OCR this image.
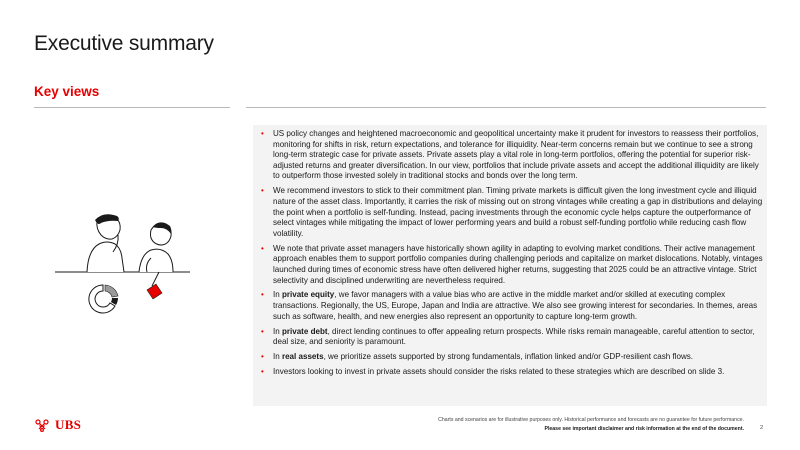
Executive summary
Key views
• US policy changes and heightened macroeconomic and geopolitical uncertainty make it prudent for investors to reassess their portfolios, monitoring for shifts in risk, return expectations, and tolerance for illiquidity. Near-term concerns remain but we continue to see a strong long-term strategic case for private assets. Private assets play a vital role in long-term portfolios, offering the potential for superior risk-adjusted returns and greater diversification. In our view, portfolios that include private assets and accept the additional illiquidity are likely to outperform those invested solely in traditional stocks and bonds over the long term.
• We recommend investors to stick to their commitment plan. Timing private markets is difficult given the long investment cycle and illiquid nature of the asset class. Importantly, it carries the risk of missing out on strong vintages while creating a gap in distributions and delaying the point when a portfolio is self-funding. Instead, pacing investments through the economic cycle helps capture the outperformance of select vintages while mitigating the impact of lower performing years and build a robust self-funding portfolio while reducing cash flow volatility.
• We note that private asset managers have historically shown agility in adapting to evolving market conditions. Their active management approach enables them to support portfolio companies during challenging periods and capitalize on market dislocations. Notably, vintages launched during times of economic stress have often delivered higher returns, suggesting that 2025 could be an attractive vintage. Strict selectivity and disciplined underwriting are nevertheless required.
• In private equity, we favor managers with a value bias who are active in the middle market and/or skilled at executing complex transactions. Regionally, the US, Europe, Japan and India are attractive. We also see growing interest for secondaries. In themes, areas such as software, health, and new energies also represent an opportunity to capture long-term growth.
• In private debt, direct lending continues to offer appealing return prospects. While risks remain manageable, careful attention to sector, deal size, and seniority is paramount.
• In real assets, we prioritize assets supported by strong fundamentals, inflation linked and/or GDP-resilient cash flows.
• Investors looking to invest in private assets should consider the risks related to these strategies which are described on slide 3.
UBS	Charts and scenarios are for illustrative purposes only. Historical performance and forecasts are no guarantee for future performance.
Please see important disclaimer and risk information at the end of the document.	2
